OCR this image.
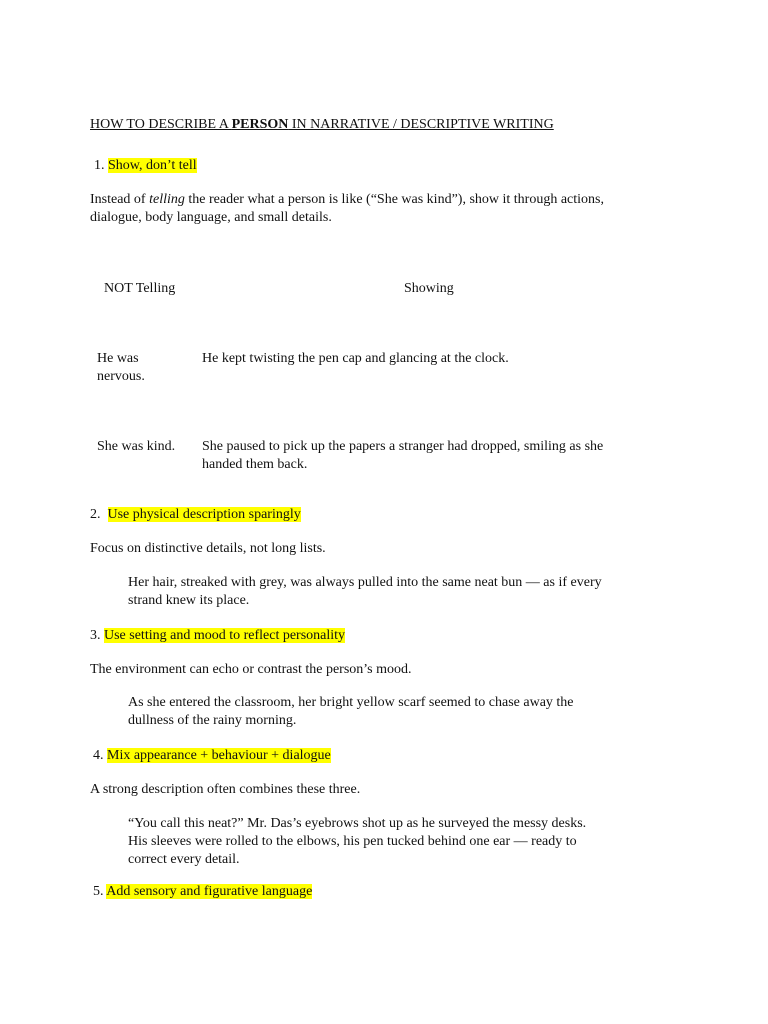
HOW TO DESCRIBE A PERSON IN NARRATIVE / DESCRIPTIVE WRITING
1. Show, don’t tell
Instead of telling the reader what a person is like (“She was kind”), show it through actions,
dialogue, body language, and small details.
NOT Telling	Showing
He was
nervous.
He kept twisting the pen cap and glancing at the clock.
She was kind. She paused to pick up the papers a stranger had dropped, smiling as she
handed them back.
2. Use physical description sparingly
Focus on distinctive details, not long lists.
Her hair, streaked with grey, was always pulled into the same neat bun — as if every
strand knew its place.
3. Use setting and mood to reflect personality
The environment can echo or contrast the person’s mood.
As she entered the classroom, her bright yellow scarf seemed to chase away the
dullness of the rainy morning.
4. Mix appearance + behaviour + dialogue
A strong description often combines these three.
“You call this neat?” Mr. Das’s eyebrows shot up as he surveyed the messy desks.
His sleeves were rolled to the elbows, his pen tucked behind one ear — ready to
correct every detail.
5. Add sensory and figurative language
